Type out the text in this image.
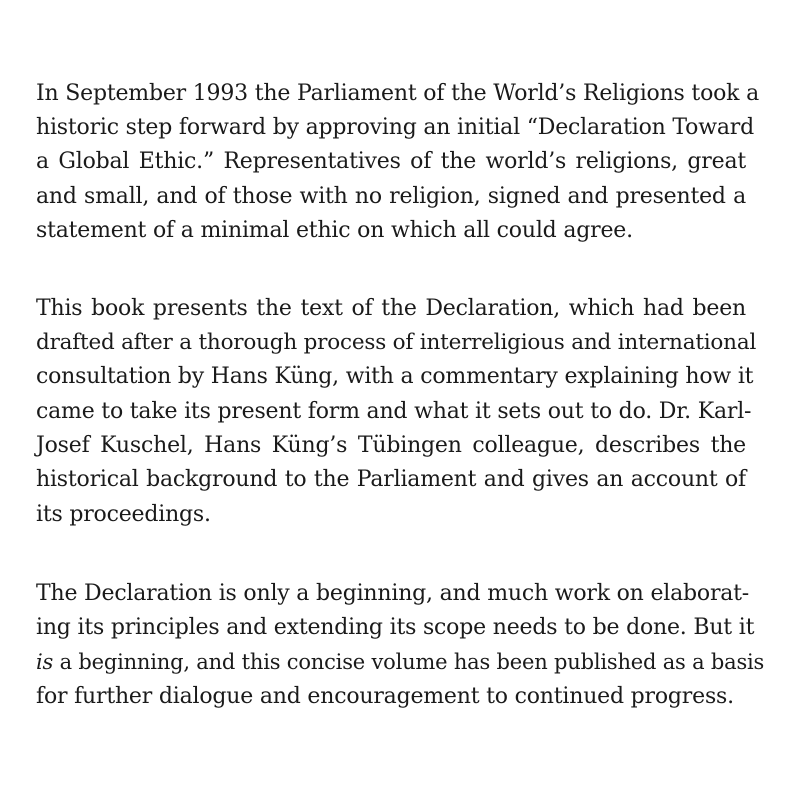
In September 1993 the Parliament of the World’s Religions took a
historic step forward by approving an initial “Declaration Toward
a Global Ethic.” Representatives of the world’s religions, great
and small, and of those with no religion, signed and presented a
statement of a minimal ethic on which all could agree.
This book presents the text of the Declaration, which had been
drafted after a thorough process of interreligious and international
consultation by Hans Küng, with a commentary explaining how it
came to take its present form and what it sets out to do. Dr. Karl-
Josef Kuschel, Hans Küng’s Tübingen colleague, describes the
historical background to the Parliament and gives an account of
its proceedings.
The Declaration is only a beginning, and much work on elaborat-
ing its principles and extending its scope needs to be done. But it
is a beginning, and this concise volume has been published as a basis
for further dialogue and encouragement to continued progress.
